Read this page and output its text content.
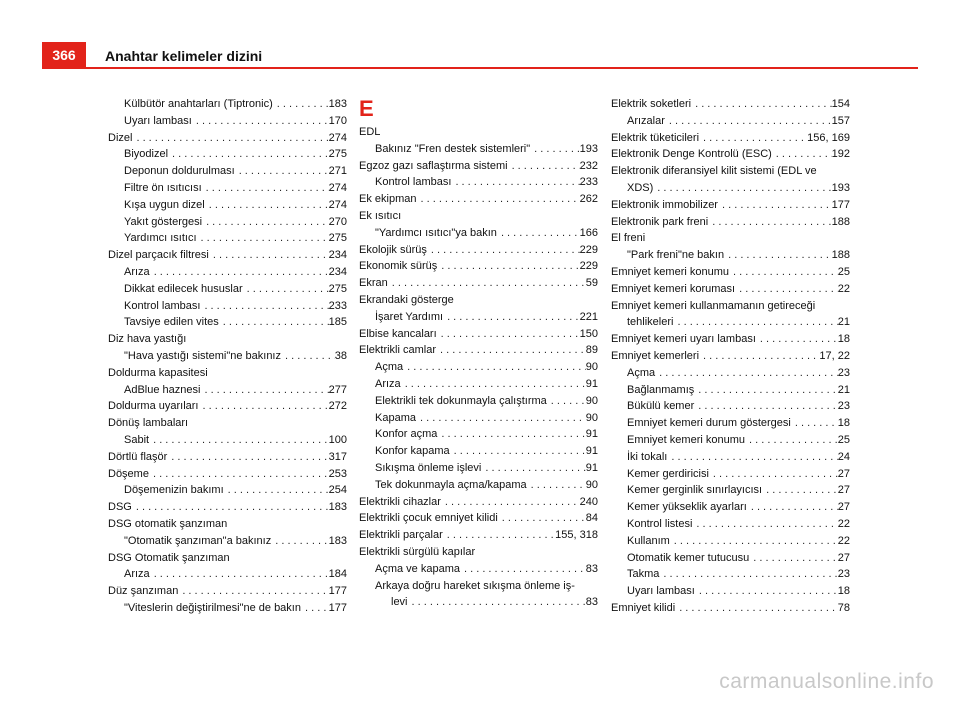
366	Anahtar kelimeler dizini
Külbütör anahtarları (Tiptronic) . . .	183
Uyarı lambası . . .	170
Dizel . . .	274
Biyodizel . . .	275
Deponun doldurulması . . .	271
Filtre ön ısıtıcısı . . .	274
Kışa uygun dizel . . .	274
Yakıt göstergesi . . .	270
Yardımcı ısıtıcı . . .	275
Dizel parçacık filtresi . . .	234
Arıza . . .	234
Dikkat edilecek hususlar . . .	275
Kontrol lambası . . .	233
Tavsiye edilen vites . . .	185
Diz hava yastığı
"Hava yastığı sistemi"ne bakınız . . .	38
Doldurma kapasitesi
AdBlue haznesi . . .	277
Doldurma uyarıları . . .	272
Dönüş lambaları
Sabit . . .	100
Dörtlü flaşör . . .	317
Döşeme . . .	253
Döşemenizin bakımı . . .	254
DSG . . .	183
DSG otomatik şanzıman
"Otomatik şanzıman"a bakınız . . .	183
DSG Otomatik şanzıman
Arıza . . .	184
Düz şanzıman . . .	177
"Viteslerin değiştirilmesi"ne de bakın . . .	177
E
EDL
Bakınız "Fren destek sistemleri" . . .	193
Egzoz gazı saflaştırma sistemi . . .	232
Kontrol lambası . . .	233
Ek ekipman . . .	262
Ek ısıtıcı
"Yardımcı ısıtıcı"ya bakın . . .	166
Ekolojik sürüş . . .	229
Ekonomik sürüş . . .	229
Ekran . . .	59
Ekrandaki gösterge
İşaret Yardımı . . .	221
Elbise kancaları . . .	150
Elektrikli camlar . . .	89
Açma . . .	90
Arıza . . .	91
Elektrikli tek dokunmayla çalıştırma . . .	90
Kapama . . .	90
Konfor açma . . .	91
Konfor kapama . . .	91
Sıkışma önleme işlevi . . .	91
Tek dokunmayla açma/kapama . . .	90
Elektrikli cihazlar . . .	240
Elektrikli çocuk emniyet kilidi . . .	84
Elektrikli parçalar . . .	155, 318
Elektrikli sürgülü kapılar
Açma ve kapama . . .	83
Arkaya doğru hareket sıkışma önleme iş-
levi . . .	83
Elektrik soketleri . . .	154
Arızalar . . .	157
Elektrik tüketicileri . . .	156, 169
Elektronik Denge Kontrolü (ESC) . . .	192
Elektronik diferansiyel kilit sistemi (EDL ve
XDS) . . .	193
Elektronik immobilizer . . .	177
Elektronik park freni . . .	188
El freni
"Park freni"ne bakın . . .	188
Emniyet kemeri konumu . . .	25
Emniyet kemeri koruması . . .	22
Emniyet kemeri kullanmamanın getireceği
tehlikeleri . . .	21
Emniyet kemeri uyarı lambası . . .	18
Emniyet kemerleri . . .	17, 22
Açma . . .	23
Bağlanmamış . . .	21
Bükülü kemer . . .	23
Emniyet kemeri durum göstergesi . . .	18
Emniyet kemeri konumu . . .	25
İki tokalı . . .	24
Kemer gerdiricisi . . .	27
Kemer gerginlik sınırlayıcısı . . .	27
Kemer yükseklik ayarları . . .	27
Kontrol listesi . . .	22
Kullanım . . .	22
Otomatik kemer tutucusu . . .	27
Takma . . .	23
Uyarı lambası . . .	18
Emniyet kilidi . . .	78
carmanualsonline.info
